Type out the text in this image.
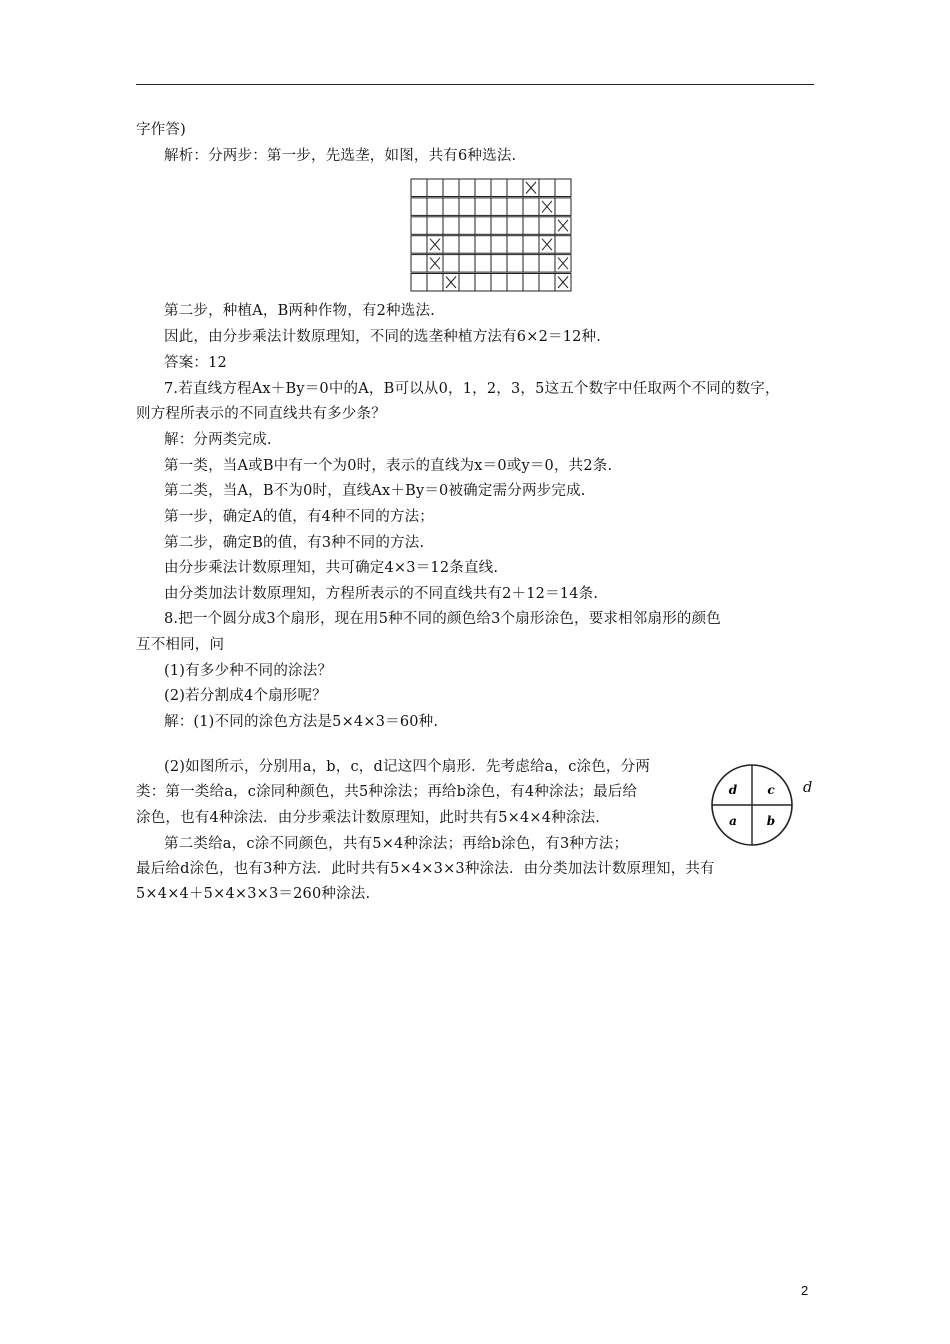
字作答)
解析：分两步：第一步，先选垄，如图，共有6种选法.
第二步，种植A，B两种作物，有2种选法.
因此，由分步乘法计数原理知，不同的选垄种植方法有6×2＝12种.
答案：12
7.若直线方程Ax＋By＝0中的A，B可以从0，1，2，3，5这五个数字中任取两个不同的数字，
则方程所表示的不同直线共有多少条？
解：分两类完成.
第一类，当A或B中有一个为0时，表示的直线为x＝0或y＝0，共2条.
第二类，当A，B不为0时，直线Ax＋By＝0被确定需分两步完成.
第一步，确定A的值，有4种不同的方法；
第二步，确定B的值，有3种不同的方法.
由分步乘法计数原理知，共可确定4×3＝12条直线.
由分类加法计数原理知，方程所表示的不同直线共有2＋12＝14条.
8.把一个圆分成3个扇形，现在用5种不同的颜色给3个扇形涂色，要求相邻扇形的颜色
互不相同，问
(1)有多少种不同的涂法？
(2)若分割成4个扇形呢？
解：(1)不同的涂色方法是5×4×3＝60种.
(2)如图所示，分别用a，b，c，d记这四个扇形．先考虑给a，c涂色，分两
类：第一类给a，c涂同种颜色，共5种涂法；再给b涂色，有4种涂法；最后给
涂色，也有4种涂法．由分步乘法计数原理知，此时共有5×4×4种涂法.
第二类给a，c涂不同颜色，共有5×4种涂法；再给b涂色，有3种方法；
最后给d涂色，也有3种方法．此时共有5×4×3×3种涂法．由分类加法计数原理知，共有
5×4×4＋5×4×3×3＝260种涂法.
d	c
a b
d
2
